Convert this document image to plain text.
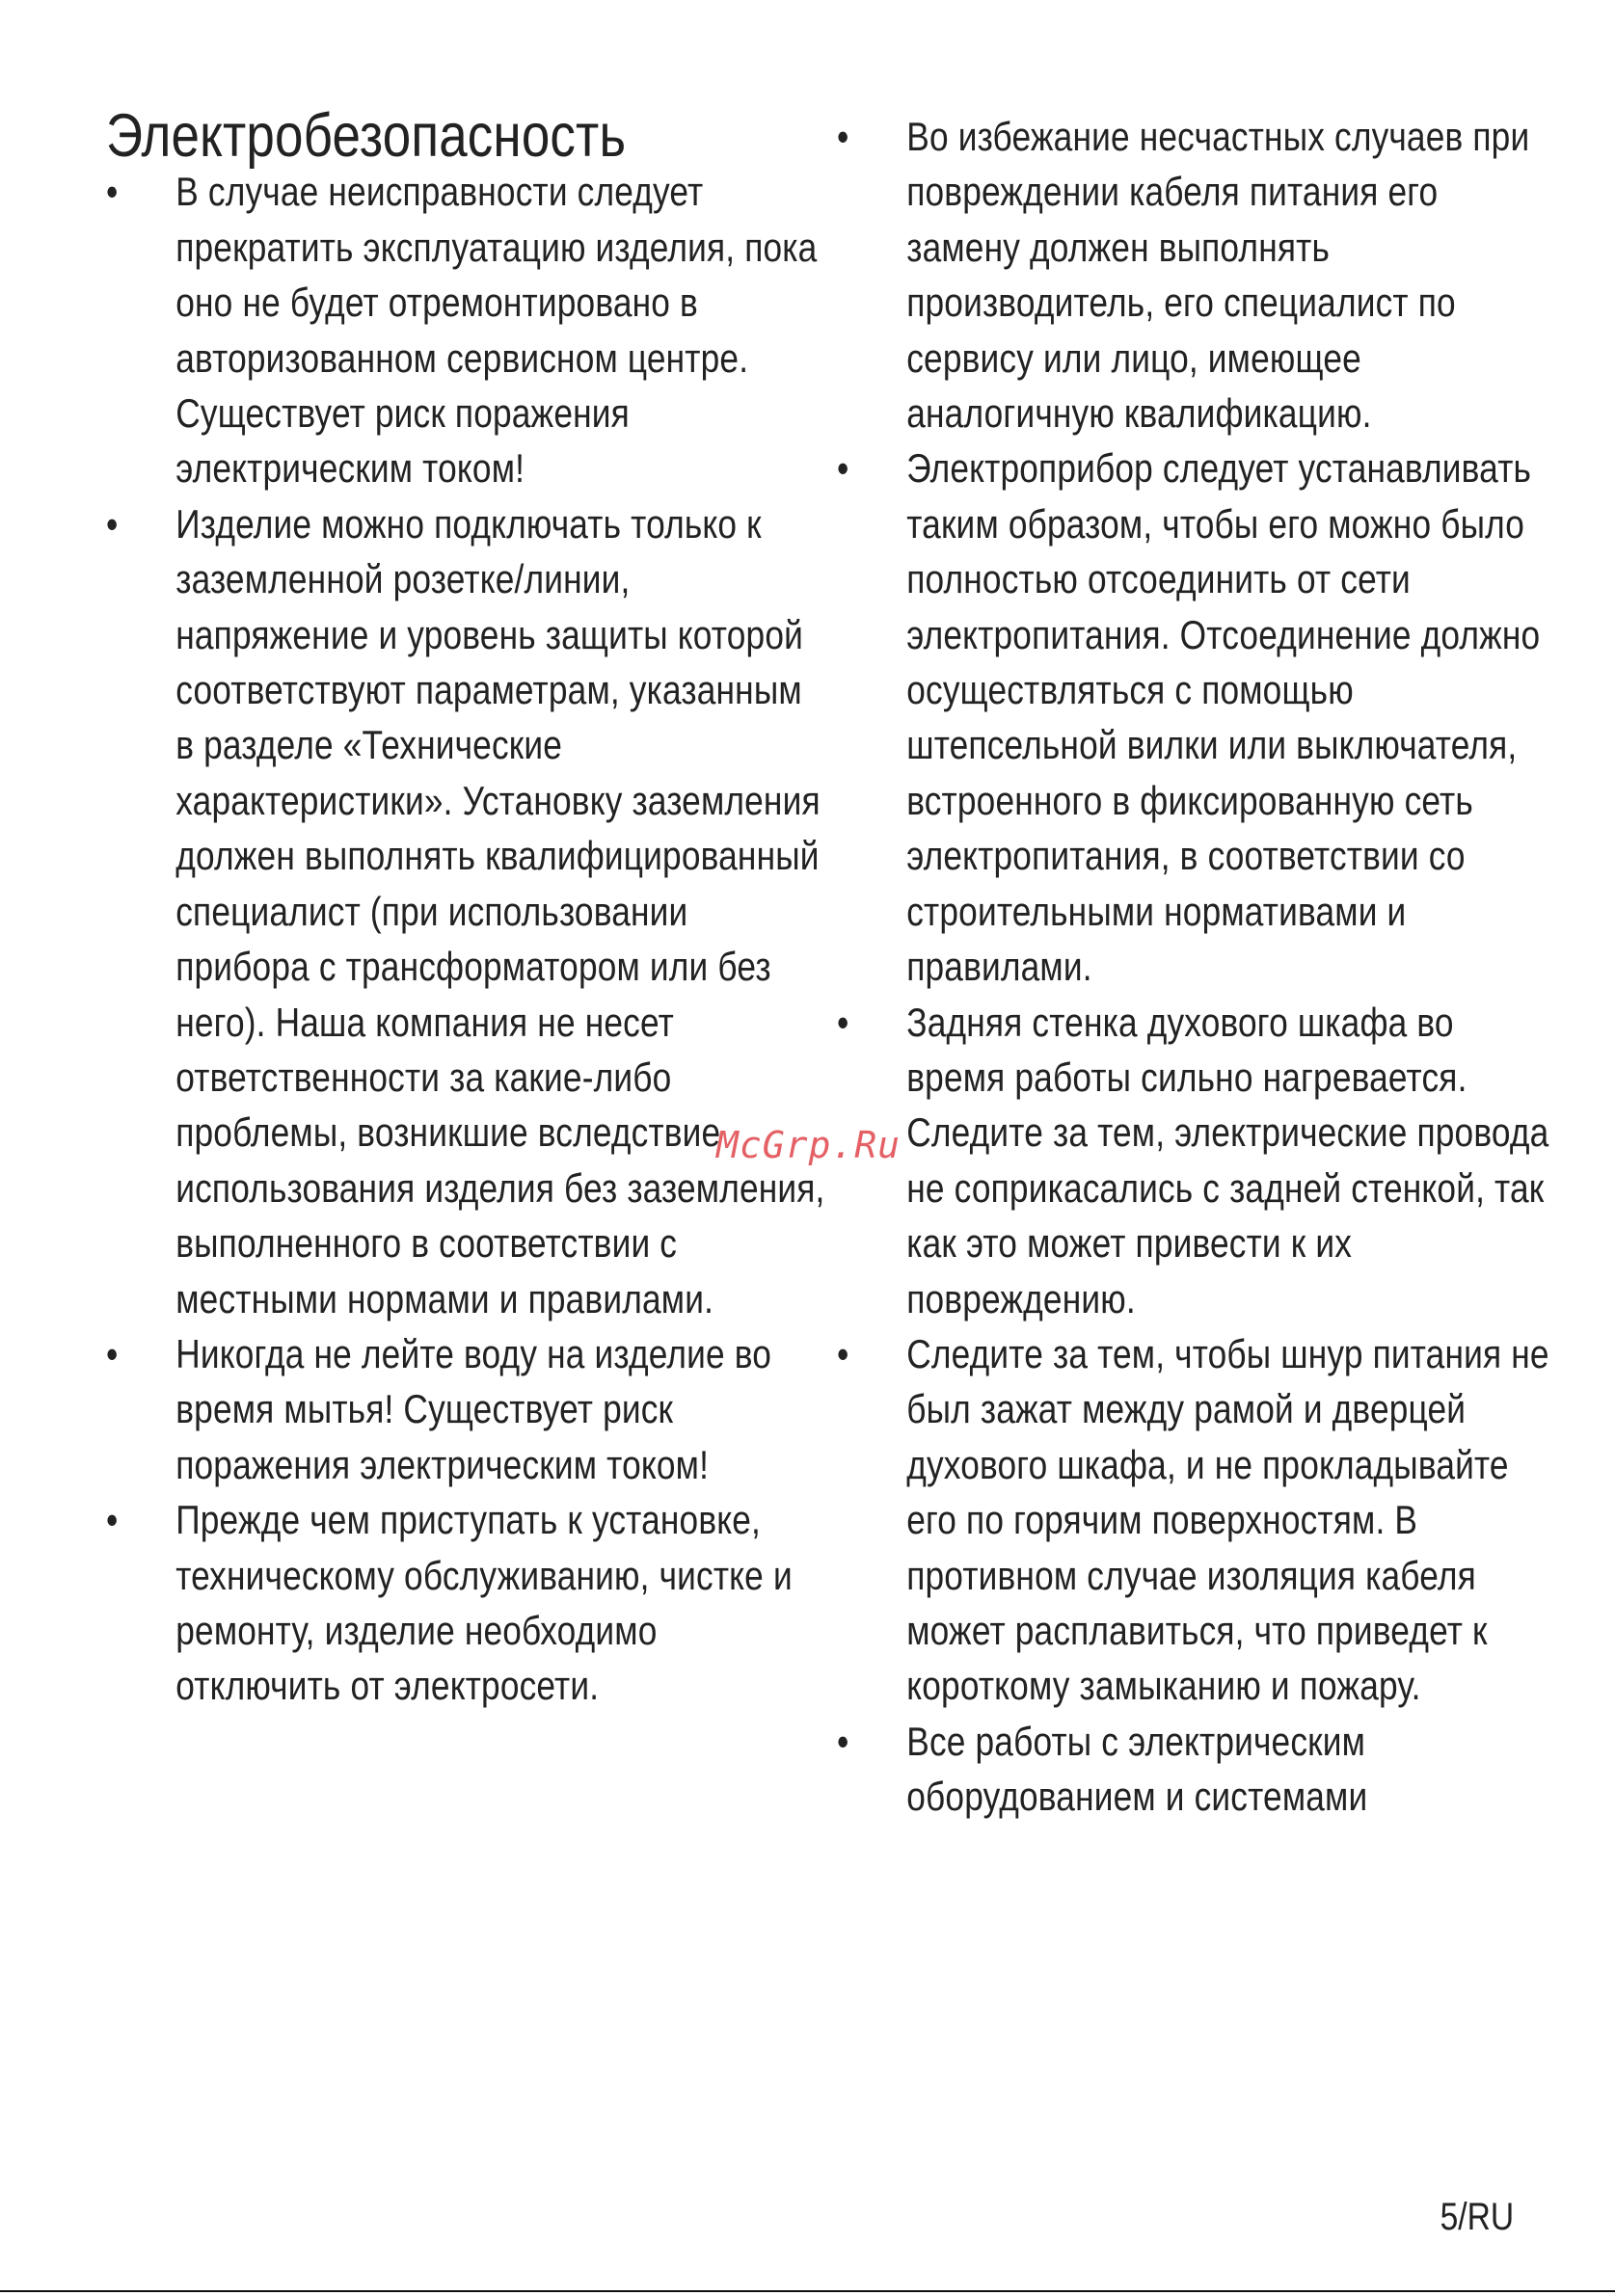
Электробезопасность
•	В случае неисправности следует прекратить эксплуатацию изделия, пока оно не будет отремонтировано в авторизованном сервисном центре. Существует риск поражения электрическим током!
•	Изделие можно подключать только к заземленной розетке/линии, напряжение и уровень защиты которой соответствуют параметрам, указанным в разделе «Технические характеристики». Установку заземления должен выполнять квалифицированный специалист (при использовании прибора с трансформатором или без него). Наша компания не несет ответственности за какие-либо проблемы, возникшие вследствие использования изделия без заземления, выполненного в соответствии с местными нормами и правилами.
•	Никогда не лейте воду на изделие во время мытья! Существует риск поражения электрическим током!
•	Прежде чем приступать к установке, техническому обслуживанию, чистке и ремонту, изделие необходимо отключить от электросети.
•	Во избежание несчастных случаев при повреждении кабеля питания его замену должен выполнять производитель, его специалист по сервису или лицо, имеющее аналогичную квалификацию.
•	Электроприбор следует устанавливать таким образом, чтобы его можно было полностью отсоединить от сети электропитания. Отсоединение должно осуществляться с помощью штепсельной вилки или выключателя, встроенного в фиксированную сеть электропитания, в соответствии со строительными нормативами и правилами.
•	Задняя стенка духового шкафа во время работы сильно нагревается. Следите за тем, электрические провода не соприкасались с задней стенкой, так как это может привести к их повреждению.
•	Следите за тем, чтобы шнур питания не был зажат между рамой и дверцей духового шкафа, и не прокладывайте его по горячим поверхностям. В противном случае изоляция кабеля может расплавиться, что приведет к короткому замыканию и пожару.
•	Все работы с электрическим оборудованием и системами
McGrp.Ru
5/RU
